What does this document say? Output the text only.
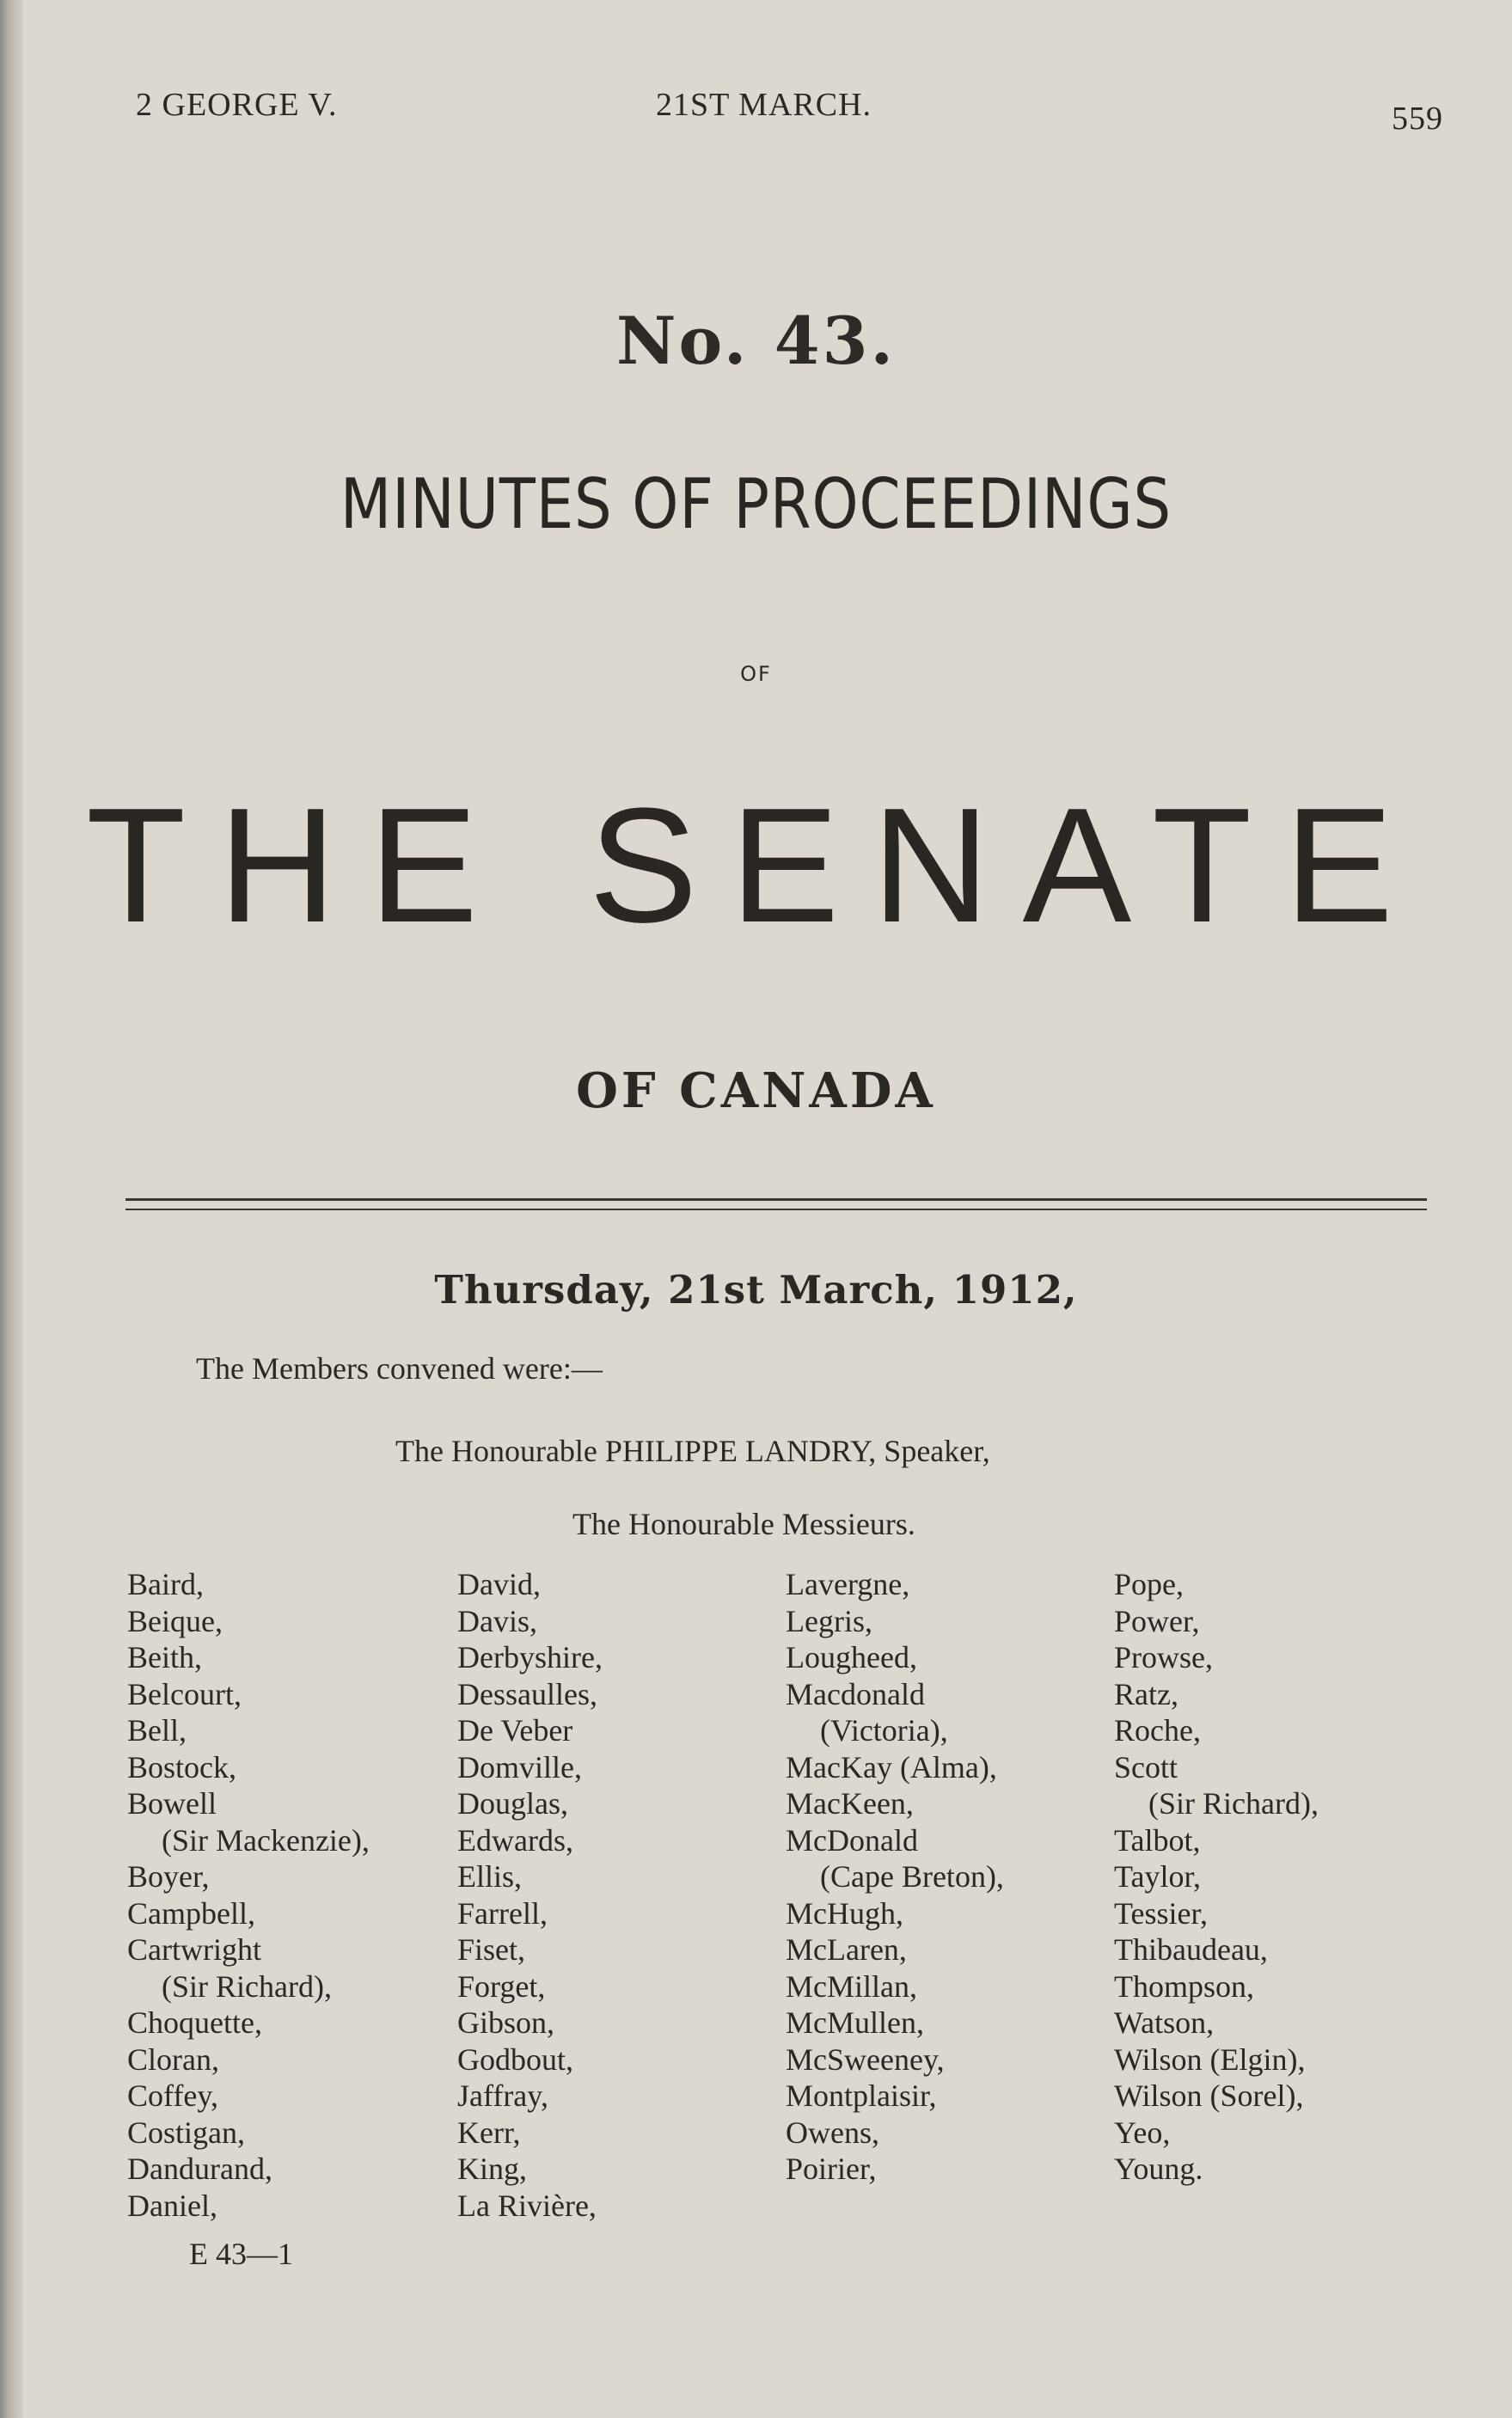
2 GEORGE V.	21ST MARCH.	559
No. 43.
MINUTES OF PROCEEDINGS
OF
THE SENATE
OF CANADA
Thursday, 21st March, 1912,
The Members convened were:—
The Honourable PHILIPPE LANDRY, Speaker,
The Honourable Messieurs.
Baird,
Beique,
Beith,
Belcourt,
Bell,
Bostock,
Bowell
(Sir Mackenzie),
Boyer,
Campbell,
Cartwright
(Sir Richard),
Choquette,
Cloran,
Coffey,
Costigan,
Dandurand,
Daniel,
David,
Davis,
Derbyshire,
Dessaulles,
De Veber
Domville,
Douglas,
Edwards,
Ellis,
Farrell,
Fiset,
Forget,
Gibson,
Godbout,
Jaffray,
Kerr,
King,
La Rivière,
Lavergne,
Legris,
Lougheed,
Macdonald
(Victoria),
MacKay (Alma),
MacKeen,
McDonald
(Cape Breton),
McHugh,
McLaren,
McMillan,
McMullen,
McSweeney,
Montplaisir,
Owens,
Poirier,
Pope,
Power,
Prowse,
Ratz,
Roche,
Scott
(Sir Richard),
Talbot,
Taylor,
Tessier,
Thibaudeau,
Thompson,
Watson,
Wilson (Elgin),
Wilson (Sorel),
Yeo,
Young.
E 43—1
